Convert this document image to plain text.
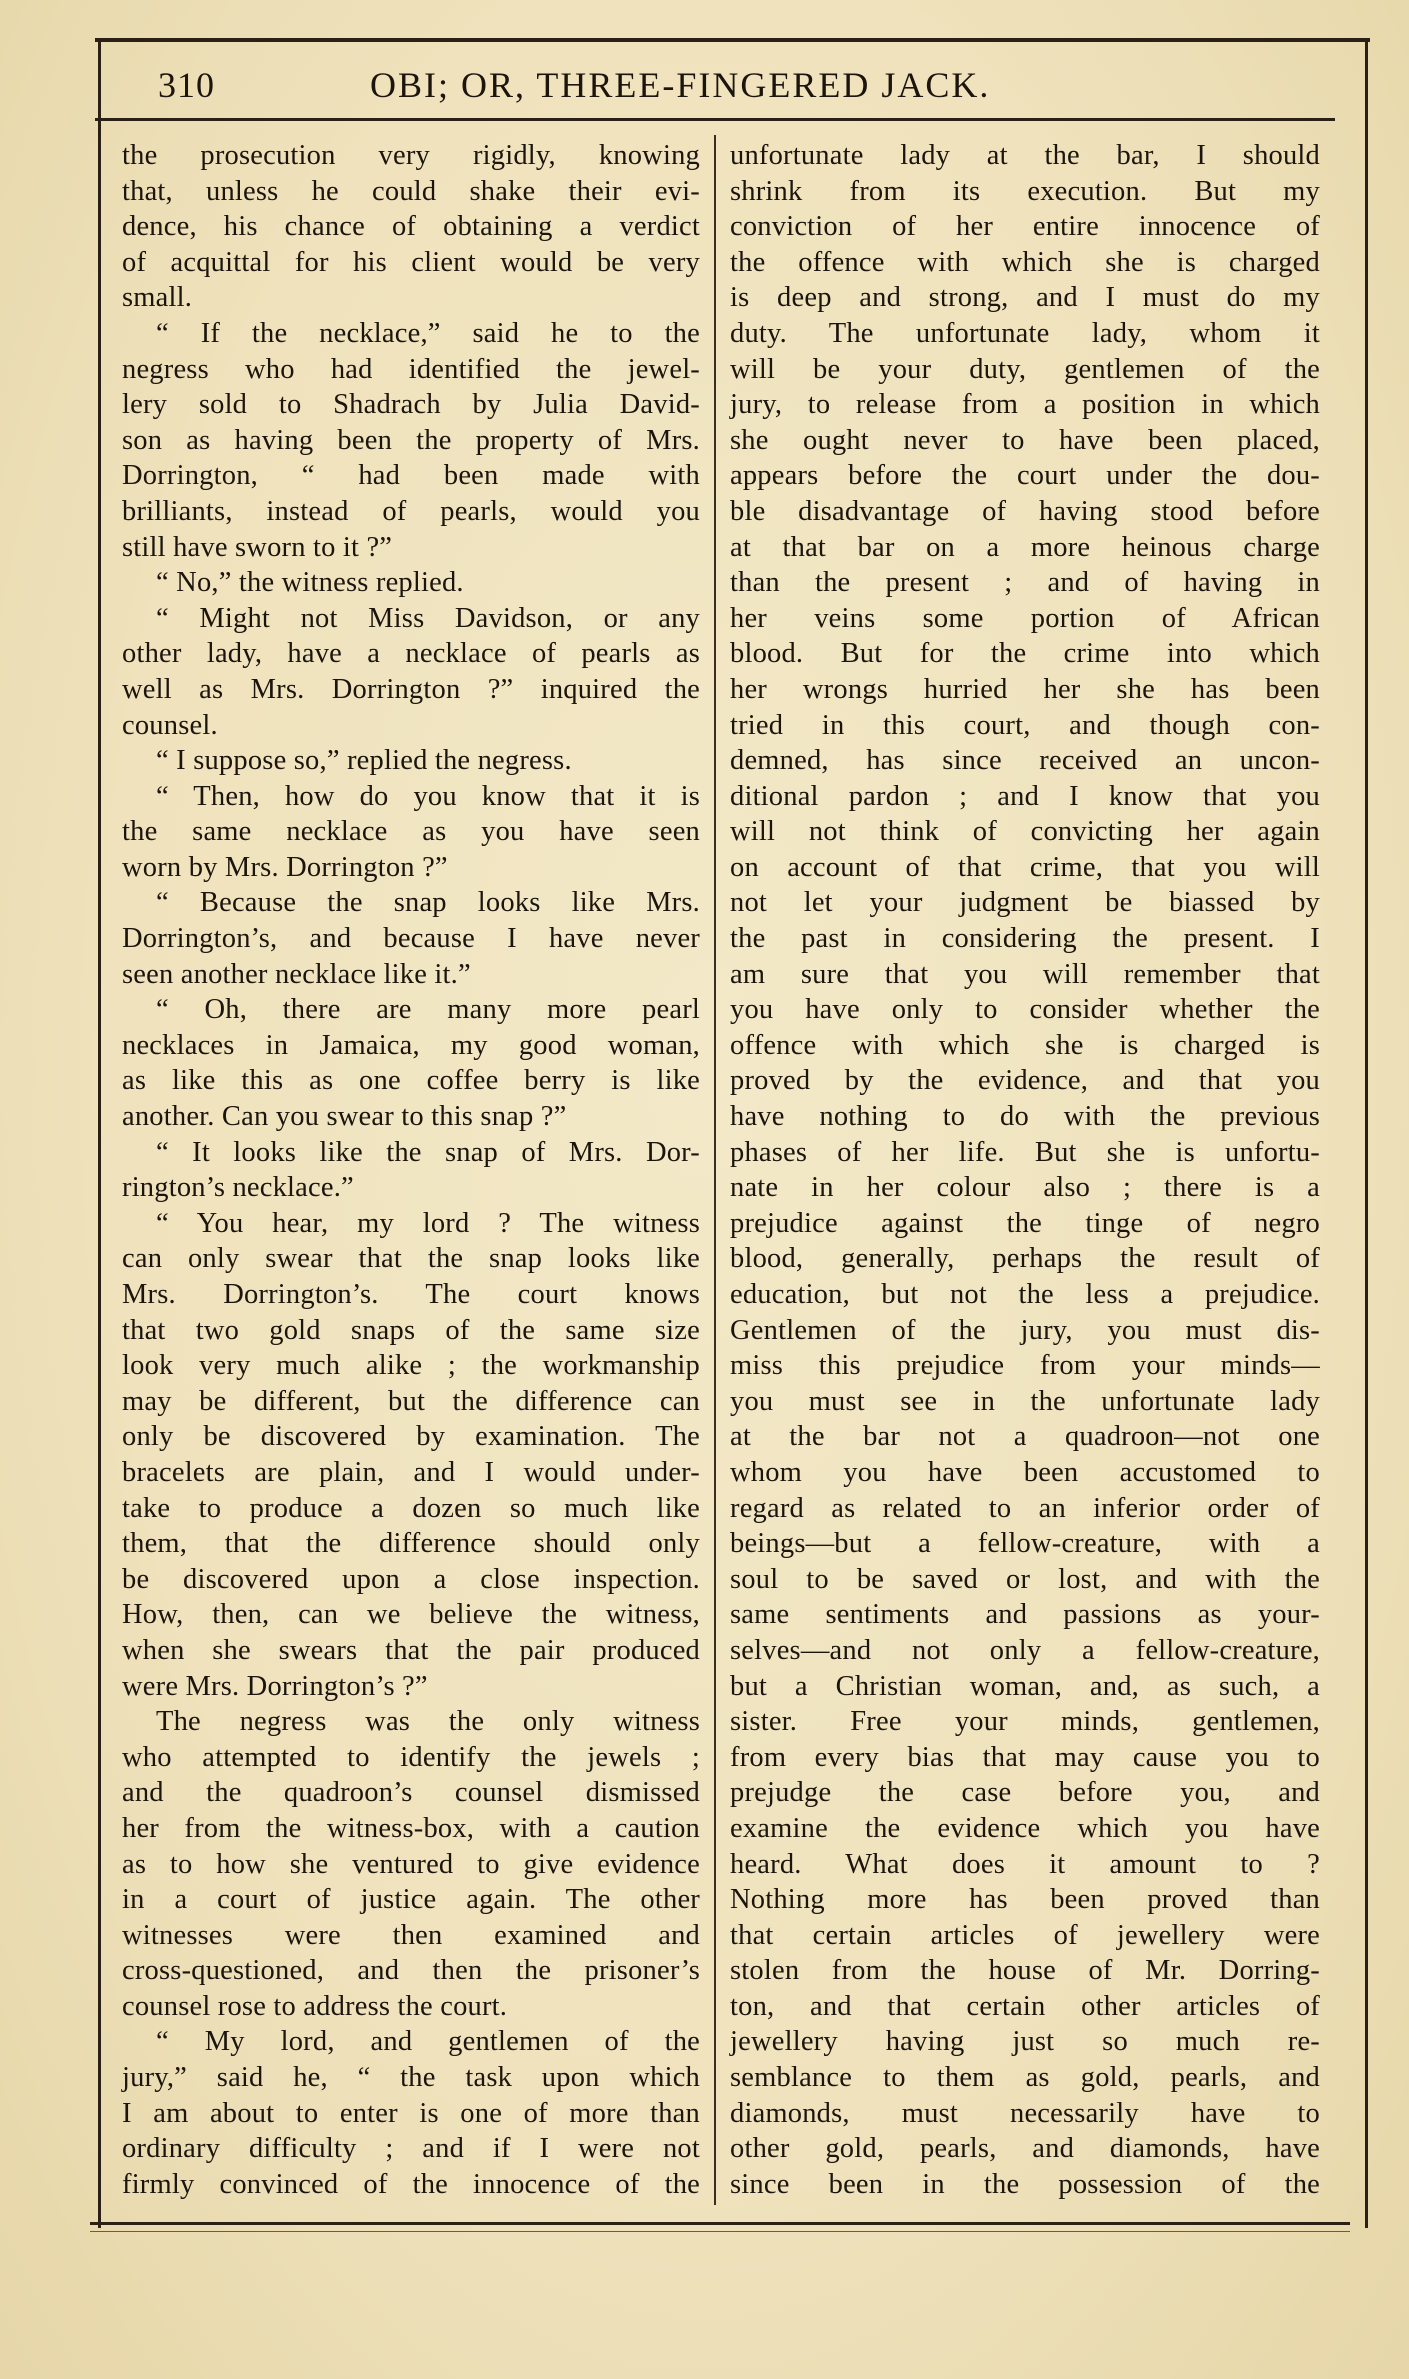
310	OBI; OR, THREE-FINGERED JACK.
the prosecution very rigidly, knowing
that, unless he could shake their evi-
dence, his chance of obtaining a verdict
of acquittal for his client would be very
small.
“ If the necklace,” said he to the
negress who had identified the jewel-
lery sold to Shadrach by Julia David-
son as having been the property of Mrs.
Dorrington, “ had been made with
brilliants, instead of pearls, would you
still have sworn to it ?”
“ No,” the witness replied.
“ Might not Miss Davidson, or any
other lady, have a necklace of pearls as
well as Mrs. Dorrington ?” inquired the
counsel.
“ I suppose so,” replied the negress.
“ Then, how do you know that it is
the same necklace as you have seen
worn by Mrs. Dorrington ?”
“ Because the snap looks like Mrs.
Dorrington’s, and because I have never
seen another necklace like it.”
“ Oh, there are many more pearl
necklaces in Jamaica, my good woman,
as like this as one coffee berry is like
another. Can you swear to this snap ?”
“ It looks like the snap of Mrs. Dor-
rington’s necklace.”
“ You hear, my lord ? The witness
can only swear that the snap looks like
Mrs. Dorrington’s. The court knows
that two gold snaps of the same size
look very much alike ; the workmanship
may be different, but the difference can
only be discovered by examination. The
bracelets are plain, and I would under-
take to produce a dozen so much like
them, that the difference should only
be discovered upon a close inspection.
How, then, can we believe the witness,
when she swears that the pair produced
were Mrs. Dorrington’s ?”
The negress was the only witness
who attempted to identify the jewels ;
and the quadroon’s counsel dismissed
her from the witness-box, with a caution
as to how she ventured to give evidence
in a court of justice again. The other
witnesses were then examined and
cross-questioned, and then the prisoner’s
counsel rose to address the court.
“ My lord, and gentlemen of the
jury,” said he, “ the task upon which
I am about to enter is one of more than
ordinary difficulty ; and if I were not
firmly convinced of the innocence of the
unfortunate lady at the bar, I should
shrink from its execution. But my
conviction of her entire innocence of
the offence with which she is charged
is deep and strong, and I must do my
duty. The unfortunate lady, whom it
will be your duty, gentlemen of the
jury, to release from a position in which
she ought never to have been placed,
appears before the court under the dou-
ble disadvantage of having stood before
at that bar on a more heinous charge
than the present ; and of having in
her veins some portion of African
blood. But for the crime into which
her wrongs hurried her she has been
tried in this court, and though con-
demned, has since received an uncon-
ditional pardon ; and I know that you
will not think of convicting her again
on account of that crime, that you will
not let your judgment be biassed by
the past in considering the present. I
am sure that you will remember that
you have only to consider whether the
offence with which she is charged is
proved by the evidence, and that you
have nothing to do with the previous
phases of her life. But she is unfortu-
nate in her colour also ; there is a
prejudice against the tinge of negro
blood, generally, perhaps the result of
education, but not the less a prejudice.
Gentlemen of the jury, you must dis-
miss this prejudice from your minds—
you must see in the unfortunate lady
at the bar not a quadroon—not one
whom you have been accustomed to
regard as related to an inferior order of
beings—but a fellow-creature, with a
soul to be saved or lost, and with the
same sentiments and passions as your-
selves—and not only a fellow-creature,
but a Christian woman, and, as such, a
sister. Free your minds, gentlemen,
from every bias that may cause you to
prejudge the case before you, and
examine the evidence which you have
heard. What does it amount to ?
Nothing more has been proved than
that certain articles of jewellery were
stolen from the house of Mr. Dorring-
ton, and that certain other articles of
jewellery having just so much re-
semblance to them as gold, pearls, and
diamonds, must necessarily have to
other gold, pearls, and diamonds, have
since been in the possession of the
